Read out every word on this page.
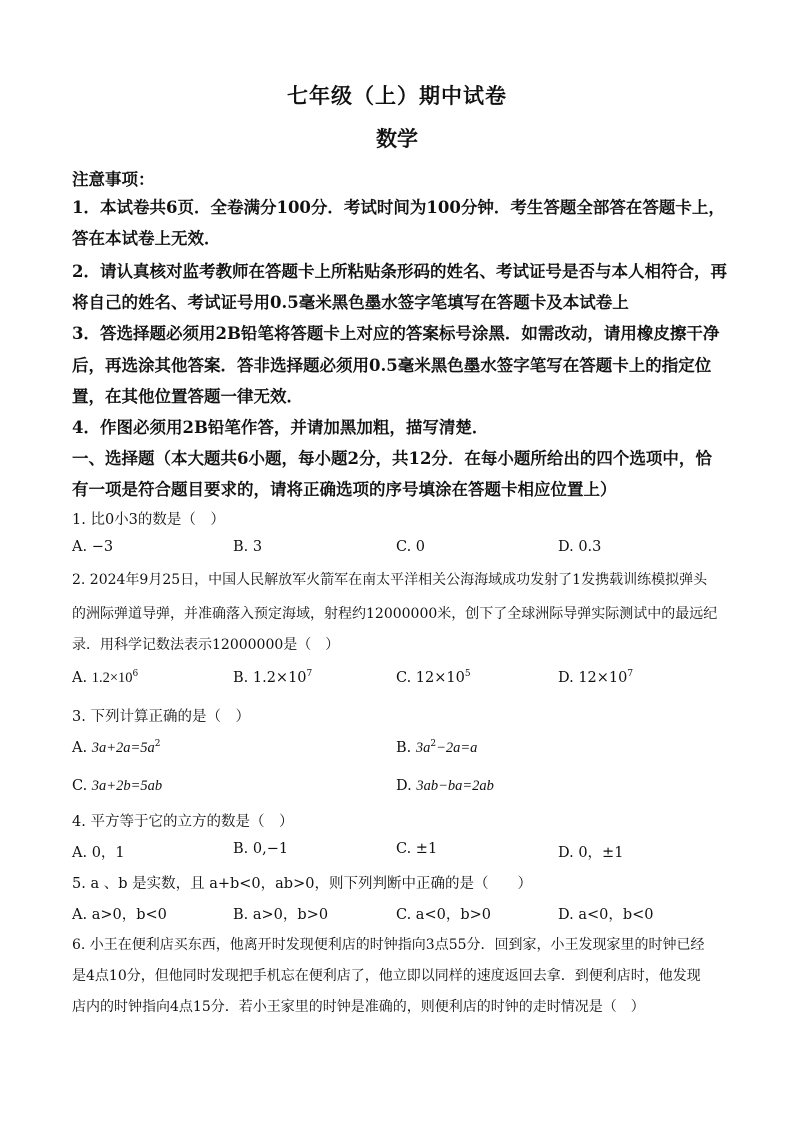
七年级（上）期中试卷
数学
注意事项：
1．本试卷共6页．全卷满分100分．考试时间为100分钟．考生答题全部答在答题卡上，
答在本试卷上无效．
2．请认真核对监考教师在答题卡上所粘贴条形码的姓名、考试证号是否与本人相符合，再
将自己的姓名、考试证号用0.5毫米黑色墨水签字笔填写在答题卡及本试卷上
3．答选择题必须用2B铅笔将答题卡上对应的答案标号涂黑．如需改动，请用橡皮擦干净
后，再选涂其他答案．答非选择题必须用0.5毫米黑色墨水签字笔写在答题卡上的指定位
置，在其他位置答题一律无效．
4．作图必须用2B铅笔作答，并请加黑加粗，描写清楚．
一、选择题（本大题共6小题，每小题2分，共12分．在每小题所给出的四个选项中，恰
有一项是符合题目要求的，请将正确选项的序号填涂在答题卡相应位置上）
1. 比0小3的数是（　）
A. −3	B. 3	C. 0	D. 0.3
2. 2024年9月25日，中国人民解放军火箭军在南太平洋相关公海海域成功发射了1发携载训练模拟弹头
的洲际弹道导弹，并准确落入预定海域，射程约12000000米，创下了全球洲际导弹实际测试中的最远纪
录．用科学记数法表示12000000是（　）
A. $1.2\times 10^6$	B. $1.2\times 10^7$	C. $12\times 10^5$	D. $12\times 10^7$
3. 下列计算正确的是（　）
A. $3a+2a=5a^2$	B. $3a^2-2a=a$
C. 3a+2b=5ab	D. 3ab−ba=2ab
4. 平方等于它的立方的数是（　）
A. 0，1	B. 0,−1	C. ±1	D. 0，±1
5. a 、b 是实数，且 a+b<0，ab>0，则下列判断中正确的是（　　）
A. a>0，b<0	B. a>0，b>0	C. a<0，b>0	D. a<0，b<0
6. 小王在便利店买东西，他离开时发现便利店的时钟指向3点55分．回到家，小王发现家里的时钟已经
是4点10分，但他同时发现把手机忘在便利店了，他立即以同样的速度返回去拿．到便利店时，他发现
店内的时钟指向4点15分．若小王家里的时钟是准确的，则便利店的时钟的走时情况是（　）
